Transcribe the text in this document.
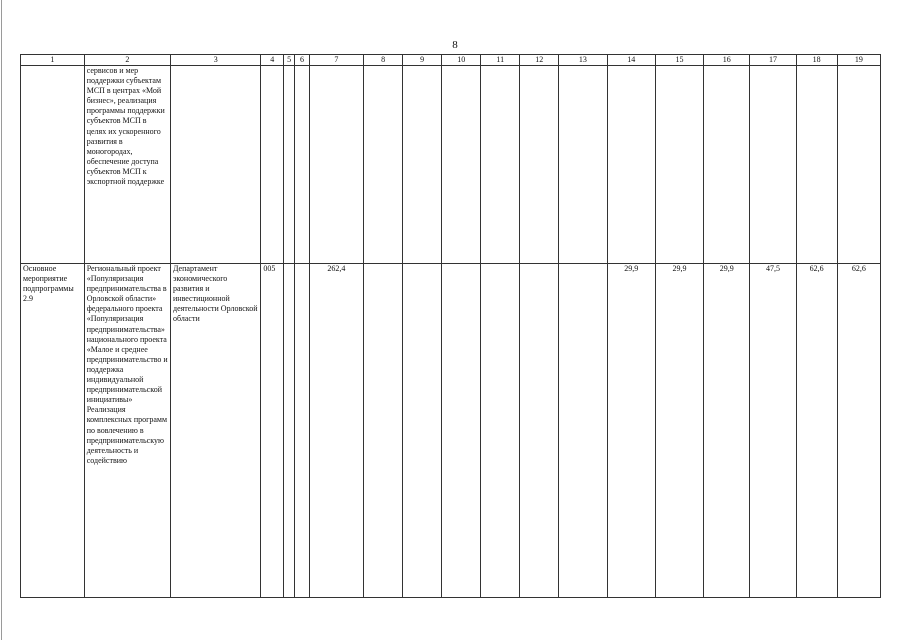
8
1	2	3	4	5	6	7	8	9	10	11	12	13	14	15	16	17	18	19
	сервисов и мер поддержки субъектам МСП в центрах «Мой бизнес», реализация программы поддержки субъектов МСП в целях их ускоренного развития в моногородах, обеспечение доступа субъектов МСП к экспортной поддержке																	
Основное мероприятие подпрограммы 2.9	Региональный проект «Популяризация предпринимательства в Орловской области» федерального проекта «Популяризация предпринимательства» национального проекта «Малое и среднее предпринимательство и поддержка индивидуальной предпринимательской инициативы» Реализация комплексных программ по вовлечению в предпринимательскую деятельность и содействию	Департамент экономического развития и инвестиционной деятельности Орловской области	005			262,4							29,9	29,9	29,9	47,5	62,6	62,6
